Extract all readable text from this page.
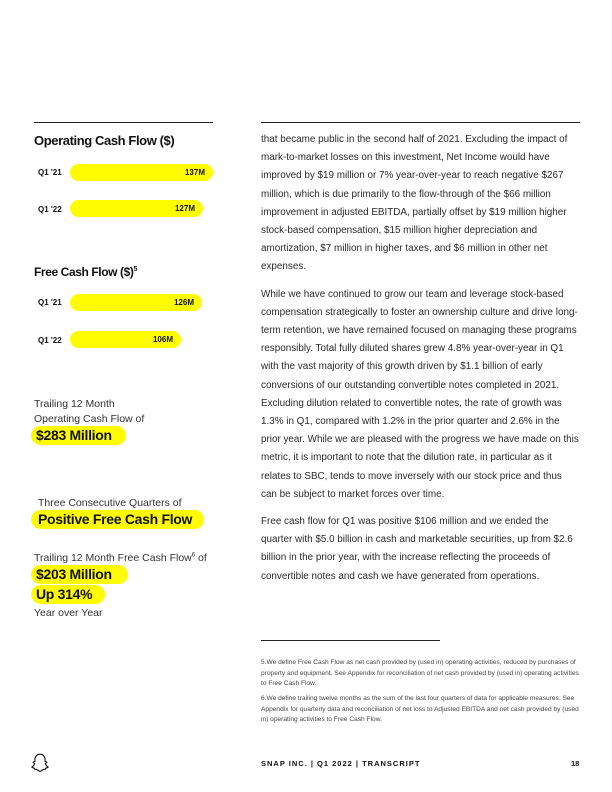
Operating Cash Flow ($)
Q1 '21	137M
Q1 '22	127M
Free Cash Flow ($)$^5$
Q1 '21	126M
Q1 '22	106M
Trailing 12 Month
Operating Cash Flow of
$283 Million
Three Consecutive Quarters of
Positive Free Cash Flow
Trailing 12 Month Free Cash Flow$^6$ of
$203 Million
Up 314%
Year over Year

that became public in the second half of 2021. Excluding the impact of mark-to-market losses on this investment, Net Income would have improved by $19 million or 7% year-over-year to reach negative $267 million, which is due primarily to the flow-through of the $66 million improvement in adjusted EBITDA, partially offset by $19 million higher stock-based compensation, $15 million higher depreciation and amortization, $7 million in higher taxes, and $6 million in other net expenses.

While we have continued to grow our team and leverage stock-based compensation strategically to foster an ownership culture and drive long-term retention, we have remained focused on managing these programs responsibly. Total fully diluted shares grew 4.8% year-over-year in Q1 with the vast majority of this growth driven by $1.1 billion of early conversions of our outstanding convertible notes completed in 2021. Excluding dilution related to convertible notes, the rate of growth was 1.3% in Q1, compared with 1.2% in the prior quarter and 2.6% in the prior year. While we are pleased with the progress we have made on this metric, it is important to note that the dilution rate, in particular as it relates to SBC, tends to move inversely with our stock price and thus can be subject to market forces over time.

Free cash flow for Q1 was positive $106 million and we ended the quarter with $5.0 billion in cash and marketable securities, up from $2.6 billion in the prior year, with the increase reflecting the proceeds of convertible notes and cash we have generated from operations.

5.We define Free Cash Flow as net cash provided by (used in) operating activities, reduced by purchases of property and equipment. See Appendix for reconciliation of net cash provided by (used in) operating activities to Free Cash Flow.
6.We define trailing twelve months as the sum of the last four quarters of data for applicable measures. See Appendix for quarterly data and reconciliation of net loss to Adjusted EBITDA and net cash provided by (used in) operating activities to Free Cash Flow.
SNAP INC. | Q1 2022 | TRANSCRIPT	18
